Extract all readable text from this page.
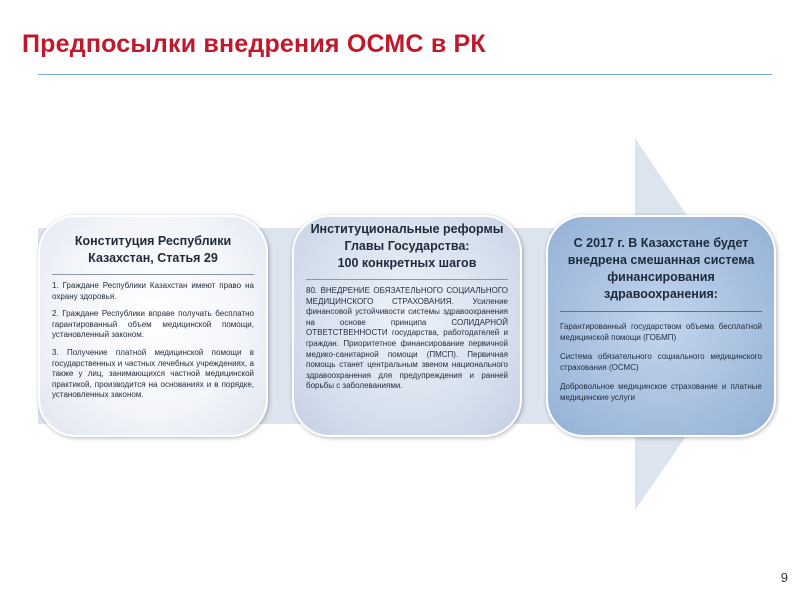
Предпосылки внедрения ОСМС в РК
Конституция Республики
Казахстан, Статья 29

1. Граждане Республики Казахстан имеют право на охрану здоровья.

2. Граждане Республики вправе получать бесплатно гарантированный объем медицинской помощи, установленный законом.

3. Получение платной медицинской помощи в государственных и частных лечебных учреждениях, а также у лиц, занимающихся частной медицинской практикой, производится на основаниях и в порядке, установленных законом.

Институциональные реформы
Главы Государства:
100 конкретных шагов

80. ВНЕДРЕНИЕ ОБЯЗАТЕЛЬНОГО СОЦИАЛЬНОГО МЕДИЦИНСКОГО СТРАХОВАНИЯ. Усиление финансовой устойчивости системы здравоохранения на основе принципа СОЛИДАРНОЙ ОТВЕТСТВЕННОСТИ государства, работодателей и граждан. Приоритетное финансирование первичной медико-санитарной помощи (ПМСП). Первичная помощь станет центральным звеном национального здравоохранения для предупреждения и ранней борьбы с заболеваниями.

С 2017 г. В Казахстане будет
внедрена смешанная система
финансирования
здравоохранения:

Гарантированный государством объема бесплатной медицинской помощи (ГОБМП)

Система обязательного социального медицинского страхования (ОСМС)

Добровольное медицинское страхование и платные медицинские услуги

9
